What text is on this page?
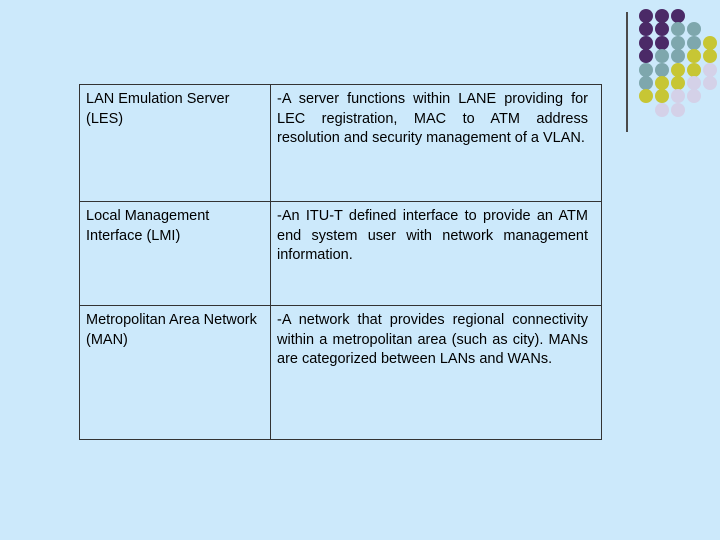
LAN Emulation Server (LES)	-A server functions within LANE providing for LEC registration, MAC to ATM address resolution and security management of a VLAN.
Local Management Interface (LMI)	-An ITU-T defined interface to provide an ATM end system user with network management information.
Metropolitan Area Network (MAN)	-A network that provides regional connectivity within a metropolitan area (such as city). MANs are categorized between LANs and WANs.
